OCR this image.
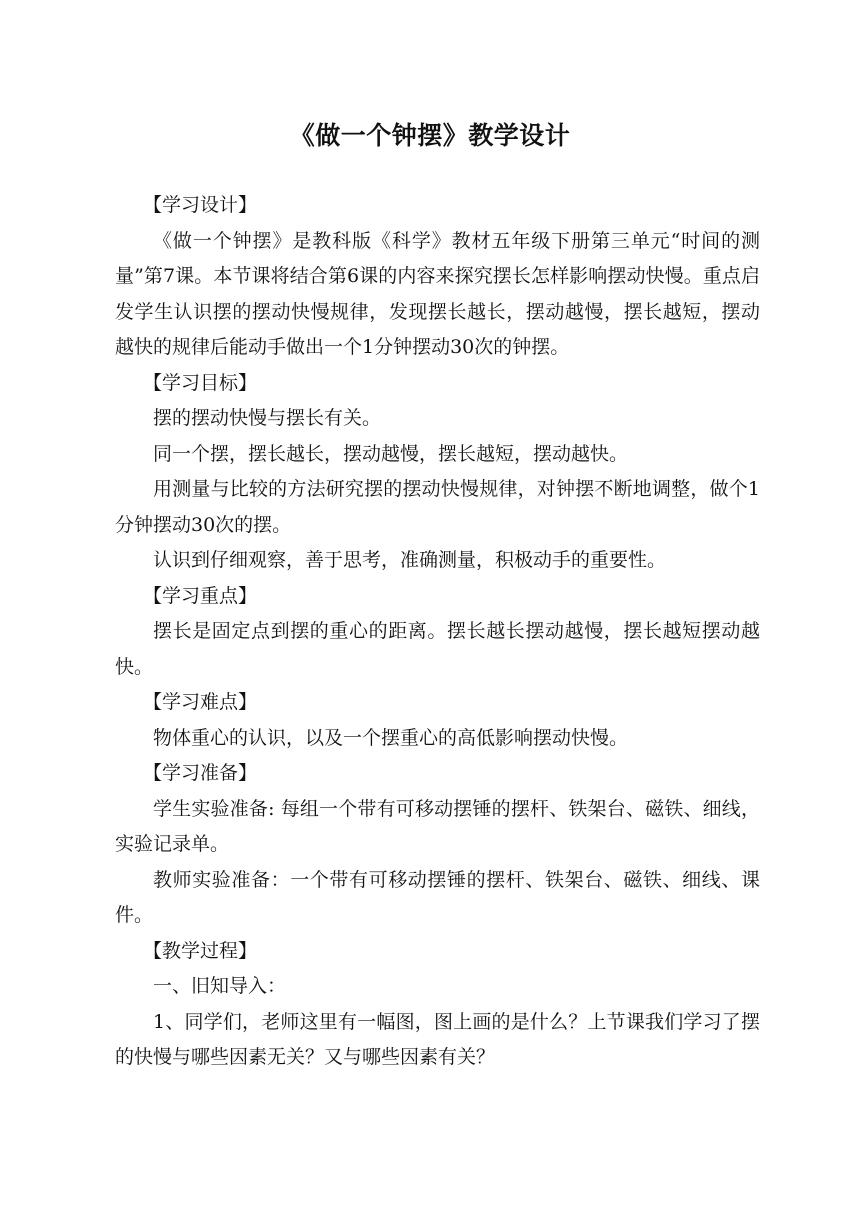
《做一个钟摆》教学设计

【学习设计】

《做一个钟摆》是教科版《科学》教材五年级下册第三单元“时间的测量”第7课。本节课将结合第6课的内容来探究摆长怎样影响摆动快慢。重点启发学生认识摆的摆动快慢规律，发现摆长越长，摆动越慢，摆长越短，摆动越快的规律后能动手做出一个1分钟摆动30次的钟摆。

【学习目标】

摆的摆动快慢与摆长有关。

同一个摆，摆长越长，摆动越慢，摆长越短，摆动越快。

用测量与比较的方法研究摆的摆动快慢规律，对钟摆不断地调整，做个1分钟摆动30次的摆。

认识到仔细观察，善于思考，准确测量，积极动手的重要性。

【学习重点】

摆长是固定点到摆的重心的距离。摆长越长摆动越慢，摆长越短摆动越快。

【学习难点】

物体重心的认识，以及一个摆重心的高低影响摆动快慢。

【学习准备】

学生实验准备: 每组一个带有可移动摆锤的摆杆、铁架台、磁铁、细线，实验记录单。

教师实验准备：一个带有可移动摆锤的摆杆、铁架台、磁铁、细线、课件。

【教学过程】

一、旧知导入：

1、同学们，老师这里有一幅图，图上画的是什么？上节课我们学习了摆的快慢与哪些因素无关？又与哪些因素有关？
